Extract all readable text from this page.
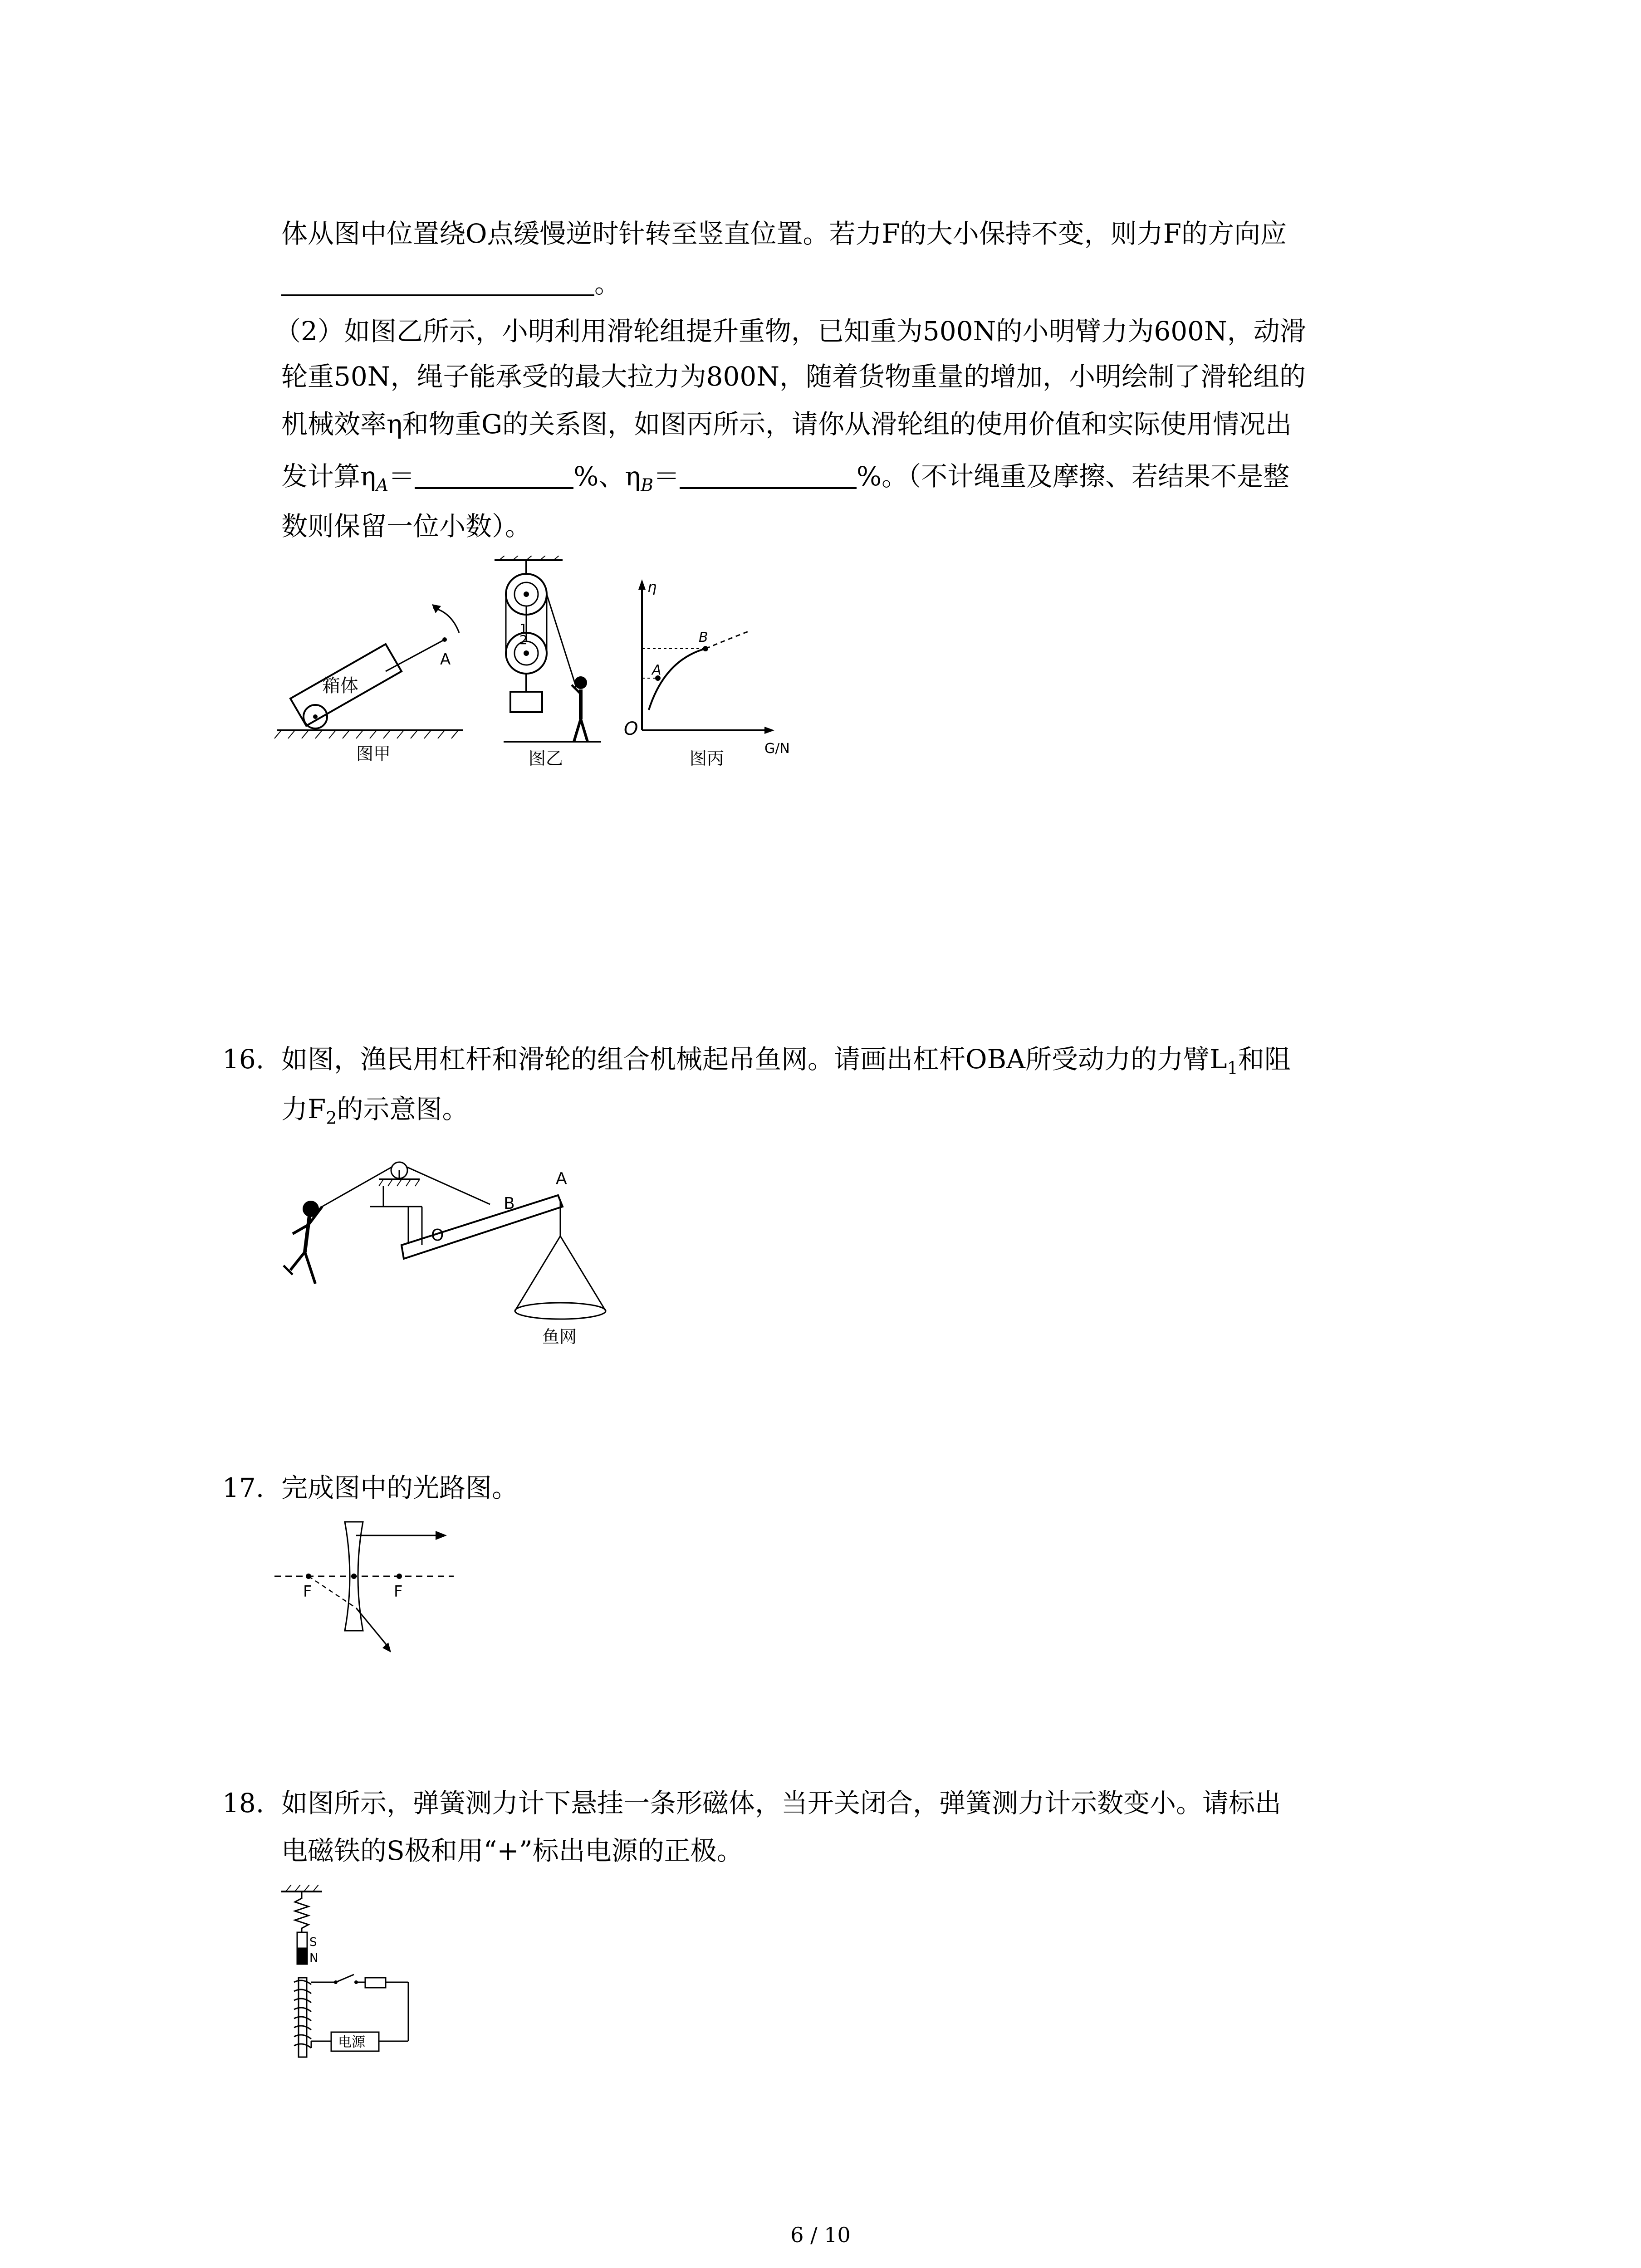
体从图中位置绕O点缓慢逆时针转至竖直位置。若力F的大小保持不变，则力F的方向应
。
（2）如图乙所示，小明利用滑轮组提升重物，已知重为500N的小明臂力为600N，动滑
轮重50N，绳子能承受的最大拉力为800N，随着货物重量的增加，小明绘制了滑轮组的
机械效率η和物重G的关系图，如图丙所示，请你从滑轮组的使用价值和实际使用情况出
发计算$\eta_A=$	%、$\eta_B=$	%。（不计绳重及摩擦、若结果不是整
数则保留一位小数）。
箱体
A
图甲
1
2
图乙
η
G/N
O
A
B
图丙
16. 如图，渔民用杠杆和滑轮的组合机械起吊鱼网。请画出杠杆OBA所受动力的力臂$L_1$和阻
力$F_2$的示意图。
O
B
A
鱼网
17. 完成图中的光路图。
F	F
18. 如图所示，弹簧测力计下悬挂一条形磁体，当开关闭合，弹簧测力计示数变小。请标出
电磁铁的S极和用“+”标出电源的正极。
S
N
电源
6 / 10
